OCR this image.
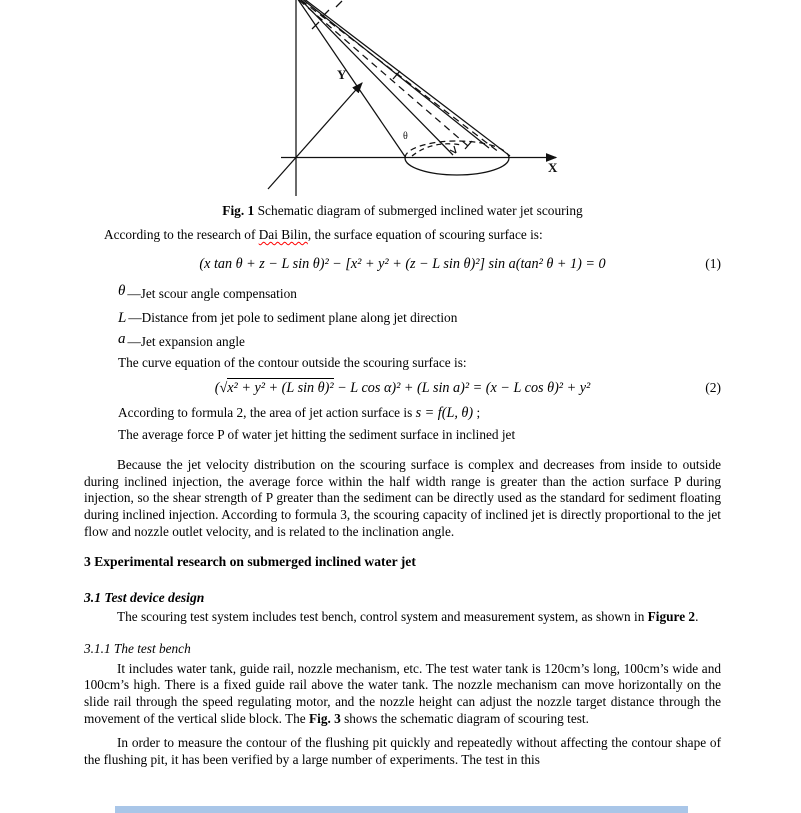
X
Y
θ
Fig. 1 Schematic diagram of submerged inclined water jet scouring

According to the research of Dai Bilin, the surface equation of scouring surface is:

(x tan θ + z − L sin θ)² − [x² + y² + (z − L sin θ)²] sin a(tan² θ + 1) = 0	(1)
θ —Jet scour angle compensation
L —Distance from jet pole to sediment plane along jet direction
a —Jet expansion angle

The curve equation of the contour outside the scouring surface is:

(√x² + y² + (L sin θ)² − L cos α)² + (L sin a)² = (x − L cos θ)² + y²	(2)

According to formula 2, the area of jet action surface is s = f(L, θ) ;

The average force P of water jet hitting the sediment surface in inclined jet

Because the jet velocity distribution on the scouring surface is complex and decreases from inside to outside during inclined injection, the average force within the half width range is greater than the action surface P during injection, so the shear strength of P greater than the sediment can be directly used as the standard for sediment floating during inclined injection. According to formula 3, the scouring capacity of inclined jet is directly proportional to the jet flow and nozzle outlet velocity, and is related to the inclination angle.

3 Experimental research on submerged inclined water jet
3.1 Test device design

The scouring test system includes test bench, control system and measurement system, as shown in Figure 2.

3.1.1 The test bench

It includes water tank, guide rail, nozzle mechanism, etc. The test water tank is 120cm’s long, 100cm’s wide and 100cm’s high. There is a fixed guide rail above the water tank. The nozzle mechanism can move horizontally on the slide rail through the speed regulating motor, and the nozzle height can adjust the nozzle target distance through the movement of the vertical slide block. The Fig. 3 shows the schematic diagram of scouring test.

In order to measure the contour of the flushing pit quickly and repeatedly without affecting the contour shape of the flushing pit, it has been verified by a large number of experiments. The test in this
